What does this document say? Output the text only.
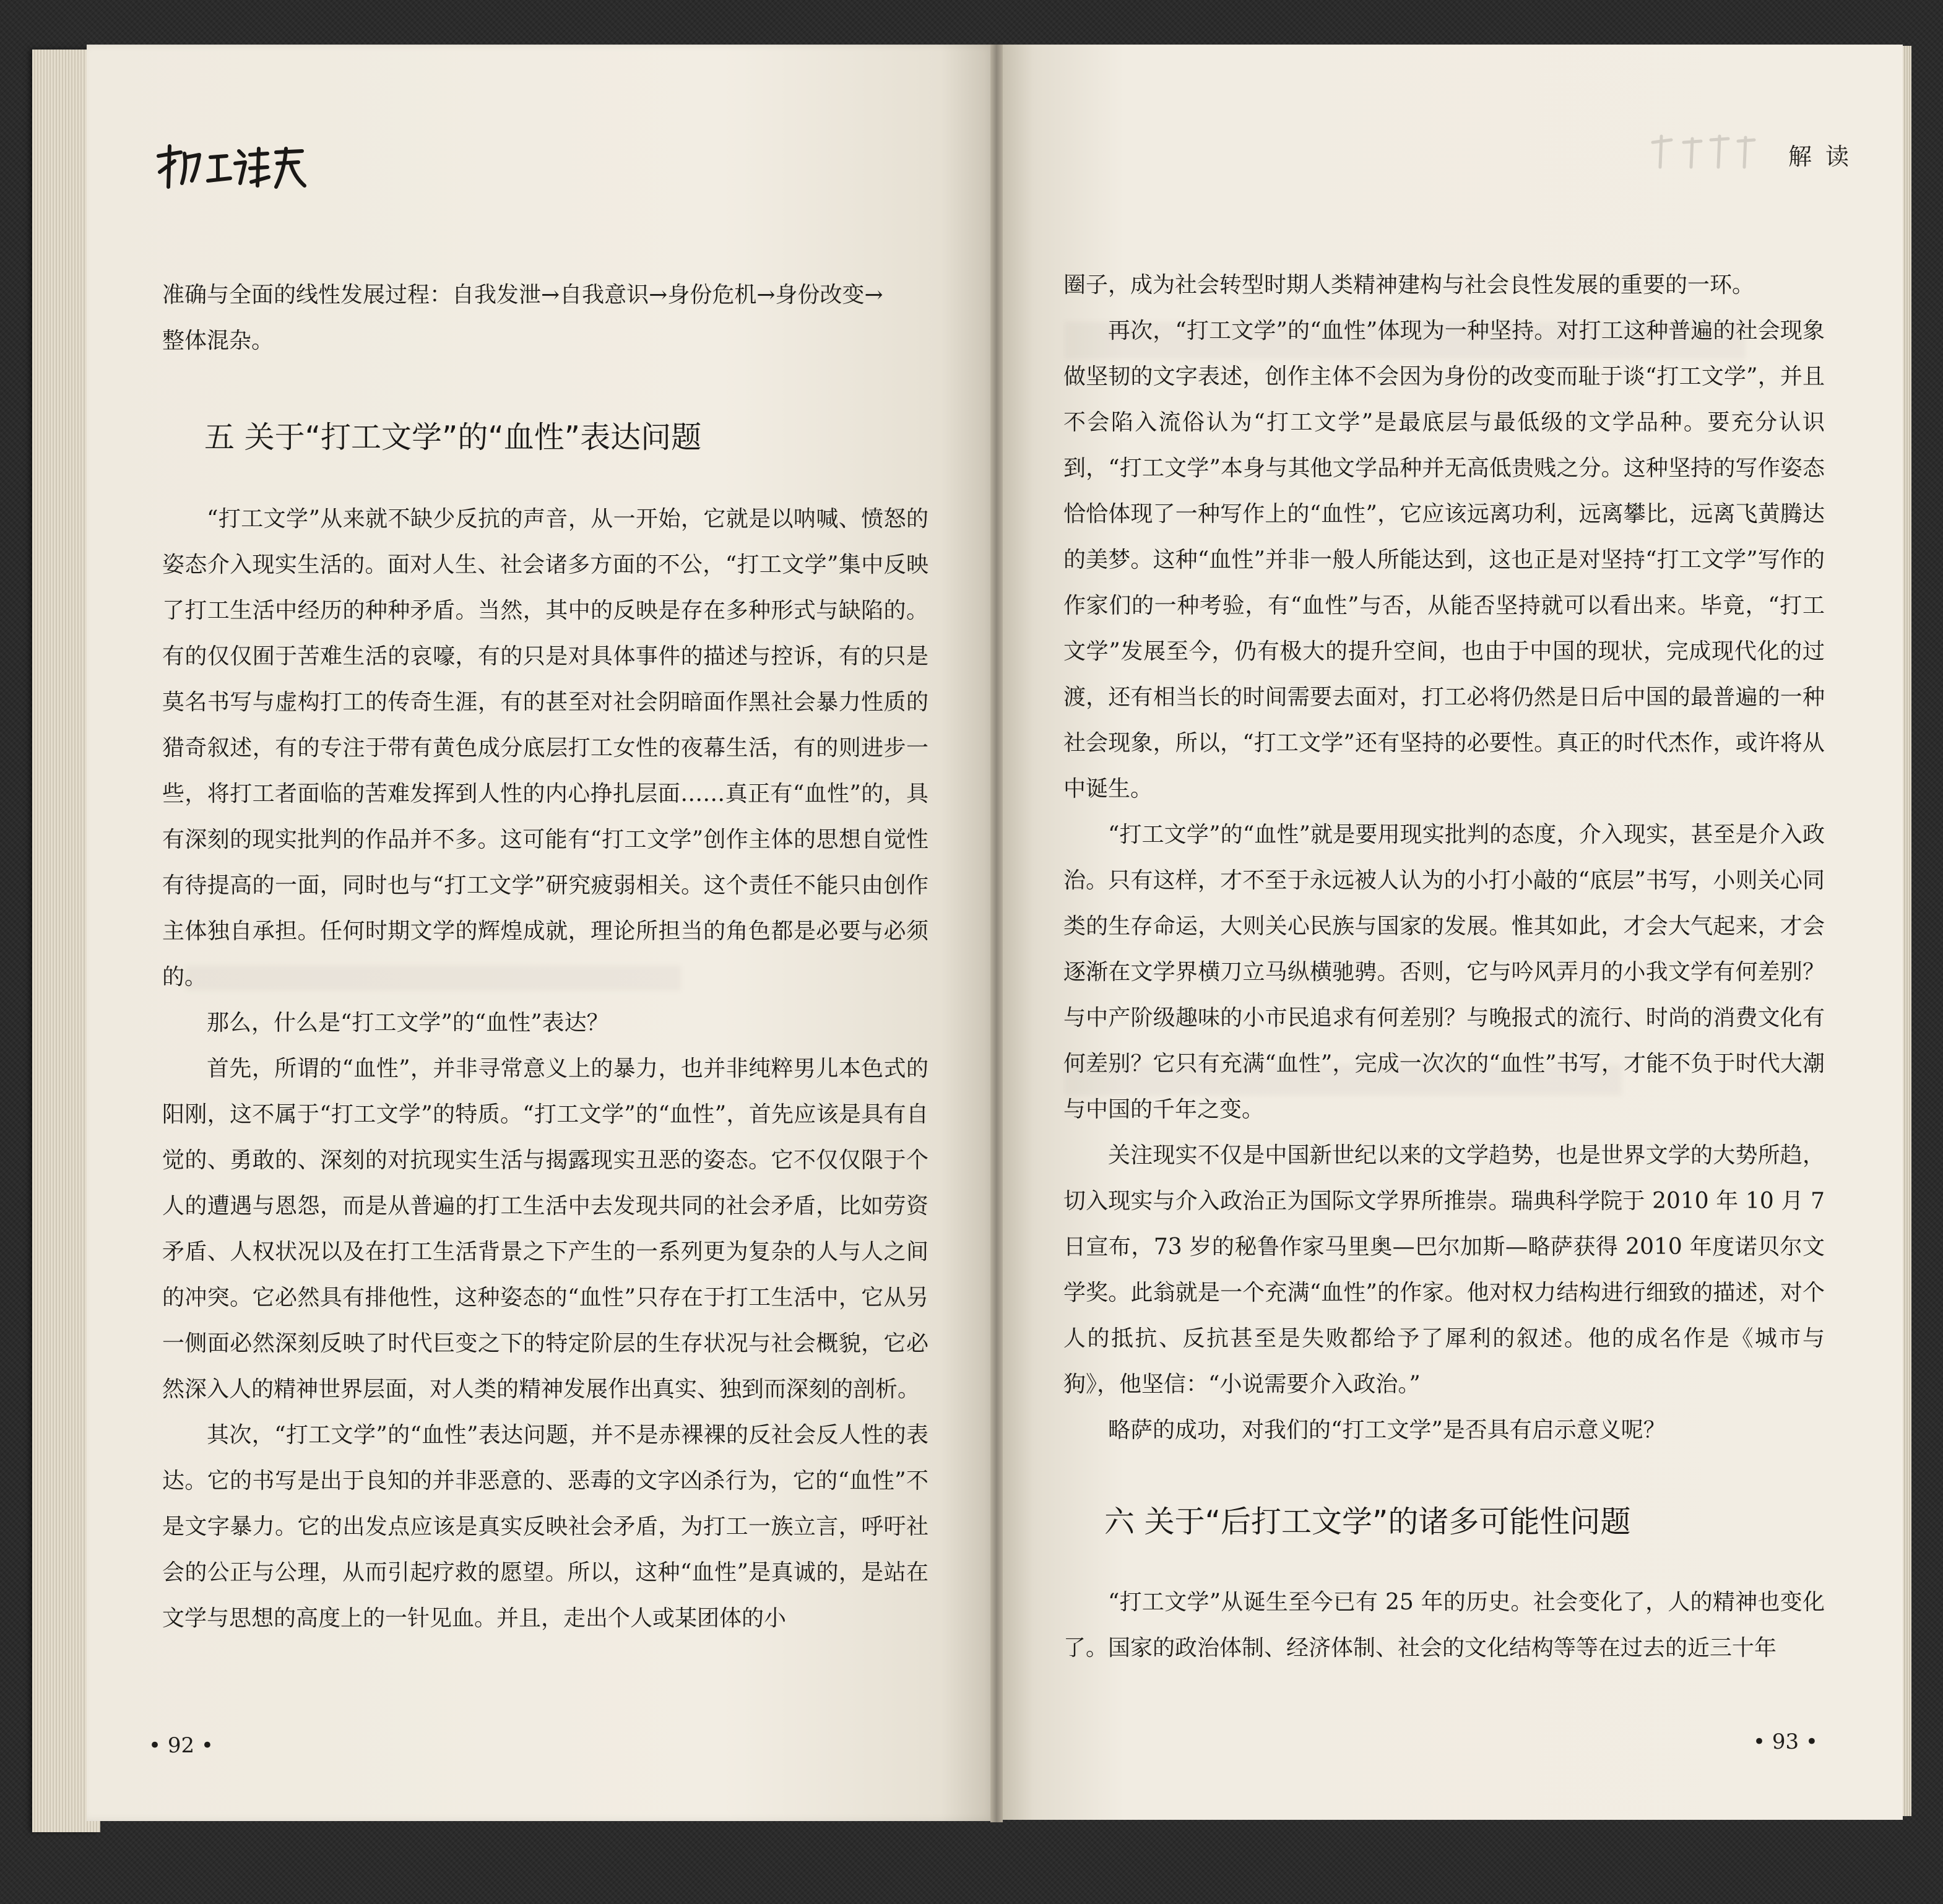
解读

准确与全面的线性发展过程：自我发泄→自我意识→身份危机→身份改变→

整体混杂。

五 关于“打工文学”的“血性”表达问题

“打工文学”从来就不缺少反抗的声音，从一开始，它就是以呐喊、愤怒的姿态介入现实生活的。面对人生、社会诸多方面的不公，“打工文学”集中反映了打工生活中经历的种种矛盾。当然，其中的反映是存在多种形式与缺陷的。有的仅仅囿于苦难生活的哀嚎，有的只是对具体事件的描述与控诉，有的只是莫名书写与虚构打工的传奇生涯，有的甚至对社会阴暗面作黑社会暴力性质的猎奇叙述，有的专注于带有黄色成分底层打工女性的夜幕生活，有的则进步一些，将打工者面临的苦难发挥到人性的内心挣扎层面……真正有“血性”的，具有深刻的现实批判的作品并不多。这可能有“打工文学”创作主体的思想自觉性有待提高的一面，同时也与“打工文学”研究疲弱相关。这个责任不能只由创作主体独自承担。任何时期文学的辉煌成就，理论所担当的角色都是必要与必须的。

那么，什么是“打工文学”的“血性”表达？

首先，所谓的“血性”，并非寻常意义上的暴力，也并非纯粹男儿本色式的阳刚，这不属于“打工文学”的特质。“打工文学”的“血性”，首先应该是具有自觉的、勇敢的、深刻的对抗现实生活与揭露现实丑恶的姿态。它不仅仅限于个人的遭遇与恩怨，而是从普遍的打工生活中去发现共同的社会矛盾，比如劳资矛盾、人权状况以及在打工生活背景之下产生的一系列更为复杂的人与人之间的冲突。它必然具有排他性，这种姿态的“血性”只存在于打工生活中，它从另一侧面必然深刻反映了时代巨变之下的特定阶层的生存状况与社会概貌，它必然深入人的精神世界层面，对人类的精神发展作出真实、独到而深刻的剖析。

其次，“打工文学”的“血性”表达问题，并不是赤裸裸的反社会反人性的表达。它的书写是出于良知的并非恶意的、恶毒的文字凶杀行为，它的“血性”不是文字暴力。它的出发点应该是真实反映社会矛盾，为打工一族立言，呼吁社会的公正与公理，从而引起疗救的愿望。所以，这种“血性”是真诚的，是站在文学与思想的高度上的一针见血。并且，走出个人或某团体的小

• 92 •

圈子，成为社会转型时期人类精神建构与社会良性发展的重要的一环。

再次，“打工文学”的“血性”体现为一种坚持。对打工这种普遍的社会现象做坚韧的文字表述，创作主体不会因为身份的改变而耻于谈“打工文学”，并且不会陷入流俗认为“打工文学”是最底层与最低级的文学品种。要充分认识到，“打工文学”本身与其他文学品种并无高低贵贱之分。这种坚持的写作姿态恰恰体现了一种写作上的“血性”，它应该远离功利，远离攀比，远离飞黄腾达的美梦。这种“血性”并非一般人所能达到，这也正是对坚持“打工文学”写作的作家们的一种考验，有“血性”与否，从能否坚持就可以看出来。毕竟，“打工文学”发展至今，仍有极大的提升空间，也由于中国的现状，完成现代化的过渡，还有相当长的时间需要去面对，打工必将仍然是日后中国的最普遍的一种社会现象，所以，“打工文学”还有坚持的必要性。真正的时代杰作，或许将从中诞生。

“打工文学”的“血性”就是要用现实批判的态度，介入现实，甚至是介入政治。只有这样，才不至于永远被人认为的小打小敲的“底层”书写，小则关心同类的生存命运，大则关心民族与国家的发展。惟其如此，才会大气起来，才会逐渐在文学界横刀立马纵横驰骋。否则，它与吟风弄月的小我文学有何差别？与中产阶级趣味的小市民追求有何差别？与晚报式的流行、时尚的消费文化有何差别？它只有充满“血性”，完成一次次的“血性”书写，才能不负于时代大潮与中国的千年之变。

关注现实不仅是中国新世纪以来的文学趋势，也是世界文学的大势所趋，切入现实与介入政治正为国际文学界所推崇。瑞典科学院于 2010 年 10 月 7 日宣布，73 岁的秘鲁作家马里奥—巴尔加斯—略萨获得 2010 年度诺贝尔文学奖。此翁就是一个充满“血性”的作家。他对权力结构进行细致的描述，对个人的抵抗、反抗甚至是失败都给予了犀利的叙述。他的成名作是《城市与狗》，他坚信：“小说需要介入政治。”

略萨的成功，对我们的“打工文学”是否具有启示意义呢？

六 关于“后打工文学”的诸多可能性问题

“打工文学”从诞生至今已有 25 年的历史。社会变化了，人的精神也变化了。国家的政治体制、经济体制、社会的文化结构等等在过去的近三十年

• 93 •
